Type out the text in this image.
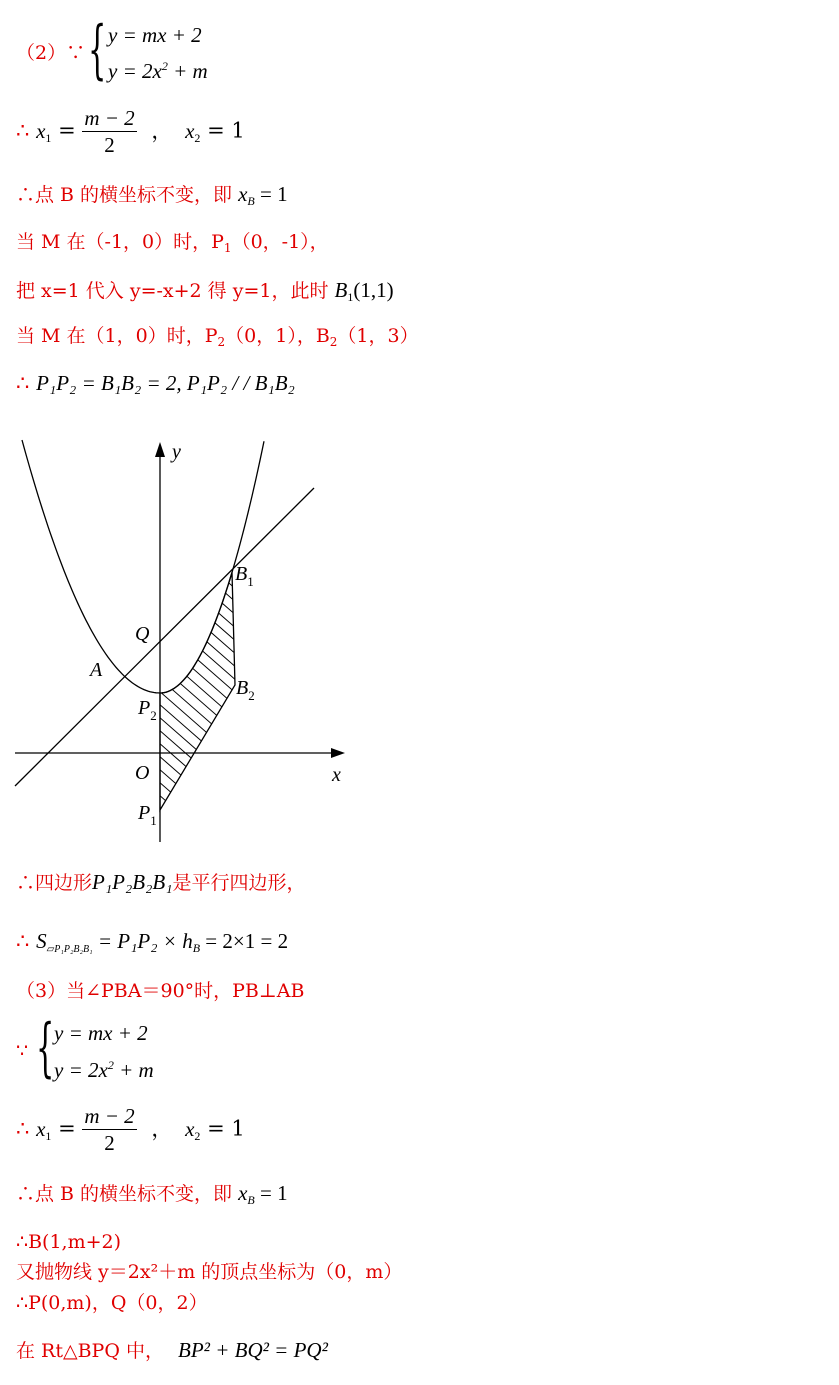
（2）∵ { y = mx + 2
$y = 2x^2 + m$
∴ $x_1 = \frac{m - 2}{2}$ ， $x_2 = 1$
∴点 B 的横坐标不变，即 $x_B = 1$
当 M 在（-1，0）时，$P_1(0$，-1），
把 x=1 代入 y=-x+2 得 y=1，此时 $B_1(1,1)$
当 M 在（1，0）时，$P_2(0$，1），$B_2(1$，3）
∴ P₁P₂ = B₁B₂ = 2, P₁P₂ / / B₁B₂
y
x
O
A
Q
$P_2$
$P_1$
$B_1$
$B_2$
∴四边形P₁P₂B₂B₁是平行四边形，
∴ $S_{▱P_1P_2B_2B_1} = P_1P_2 \times h_B = 2\times 1 = 2$
（3）当∠PBA＝90°时，PB⊥AB
∵ { y = mx + 2
$y = 2x^2 + m$
∴ $x_1 = \frac{m - 2}{2}$ ， $x_2 = 1$
∴点 B 的横坐标不变，即 $x_B = 1$
∴B(1,m+2)
又抛物线 y＝2x²＋m 的顶点坐标为（0，m）
∴P(0,m)，Q（0，2）
在 Rt△BPQ 中， BP² + BQ² = PQ²
